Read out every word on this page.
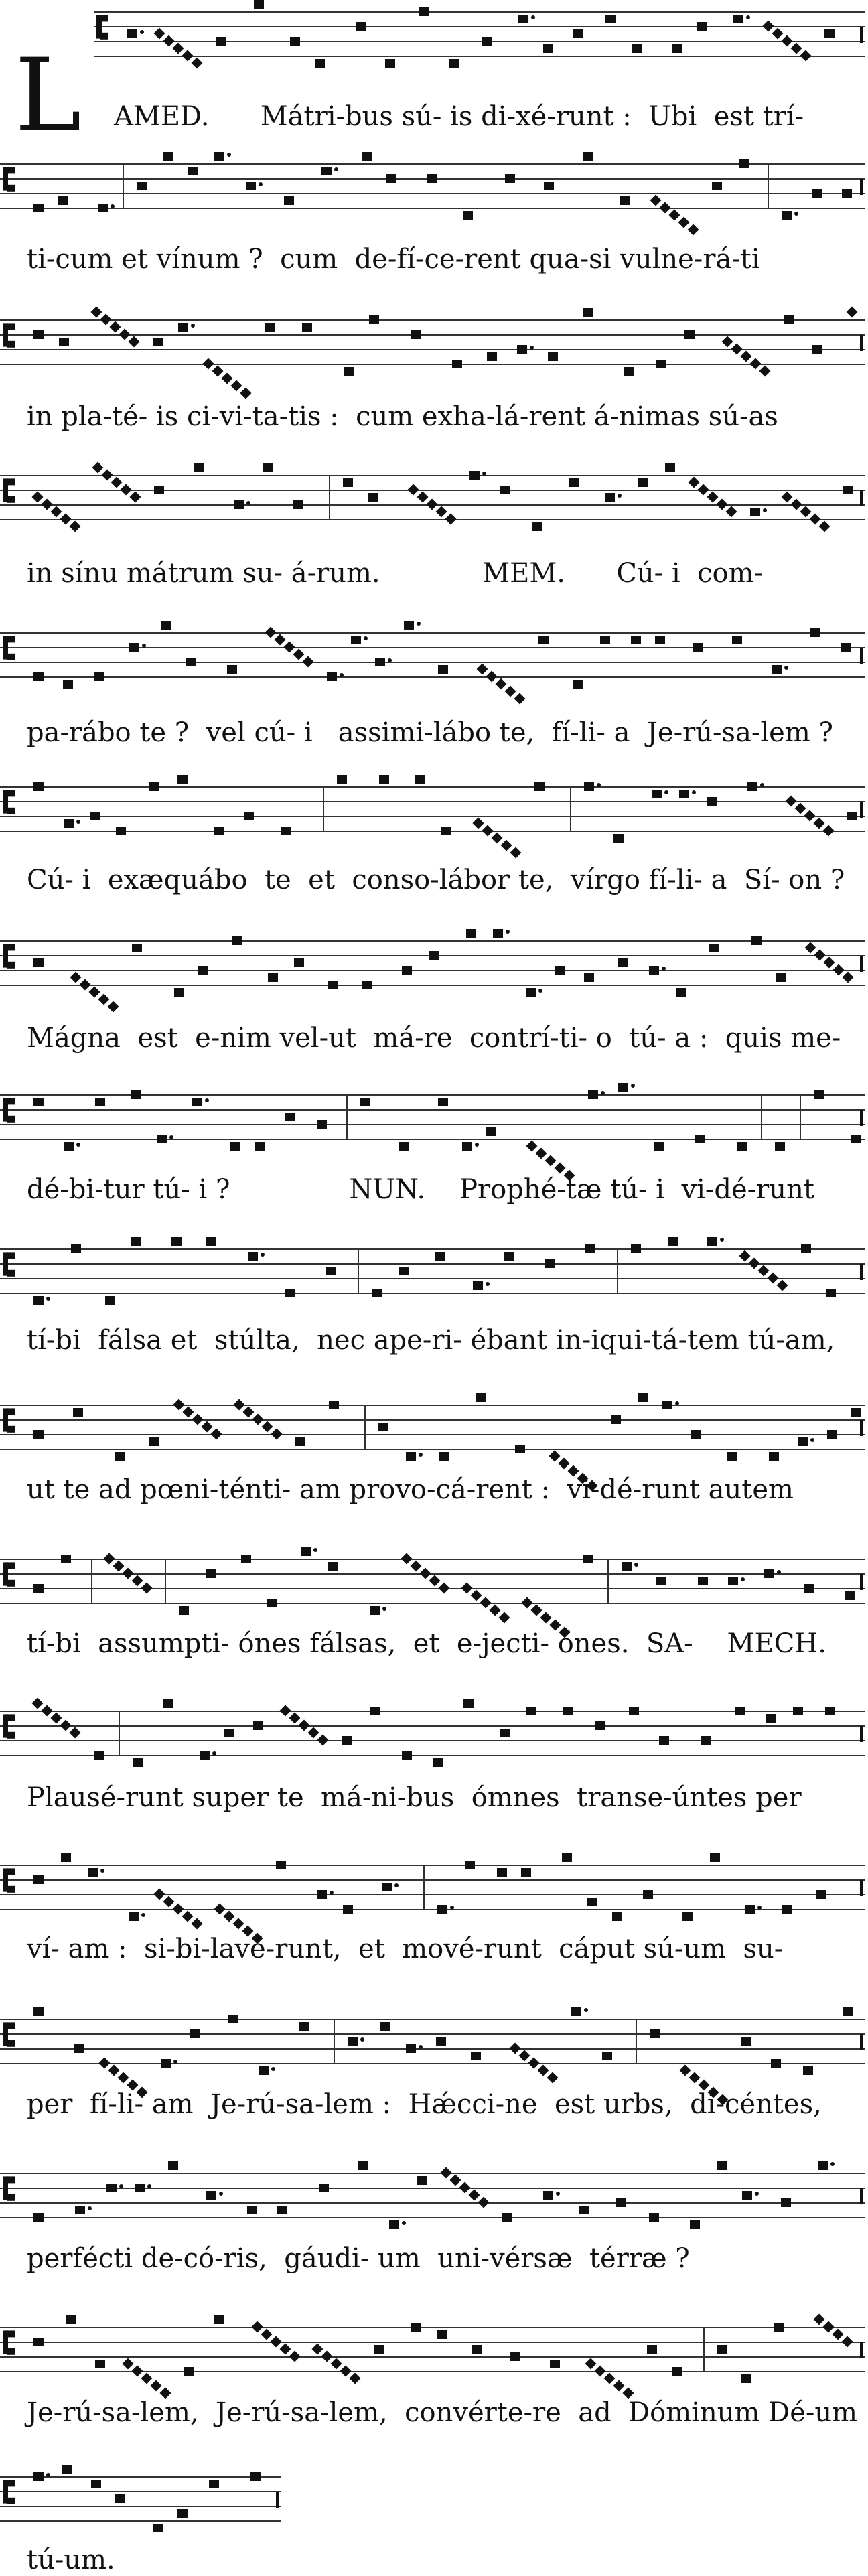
L AMED.      Mátri-bus sú- is di-xé-runt :  Ubi  est trí-
ti-cum et vínum ?  cum  de-fí-ce-rent qua-si vulne-rá-ti
in pla-té- is ci-vi-ta-tis :  cum exha-lá-rent á-nimas sú-as
in sínu mátrum su- á-rum.            MEM.      Cú- i  com-
pa-rábo te ?  vel cú- i   assimi-lábo te,  fí-li- a  Je-rú-sa-lem ?
Cú- i  exæquábo  te  et  conso-lábor te,  vírgo fí-li- a  Sí- on ?
Mágna  est  e-nim vel-ut  má-re  contrí-ti- o  tú- a :  quis me-
dé-bi-tur tú- i ?              NUN.    Prophé-tæ tú- i  vi-dé-runt
tí-bi  fálsa et  stúlta,  nec ape-ri- ébant in-iqui-tá-tem tú-am,
ut te ad pœni-ténti- am provo-cá-rent :  vi-dé-runt autem
tí-bi  assumpti- ónes fálsas,  et  e-jecti- ónes.  SA-    MECH.
Plausé-runt super te  má-ni-bus  ómnes  transe-úntes per
ví- am :  si-bi-lavé-runt,  et  mové-runt  cáput sú-um  su-
per  fí-li- am  Je-rú-sa-lem :  Hǽcci-ne  est urbs,  di-céntes,
perfécti de-có-ris,  gáudi- um  uni-vérsæ  térræ ?
Je-rú-sa-lem,  Je-rú-sa-lem,  convérte-re  ad  Dóminum Dé-um
tú-um.
